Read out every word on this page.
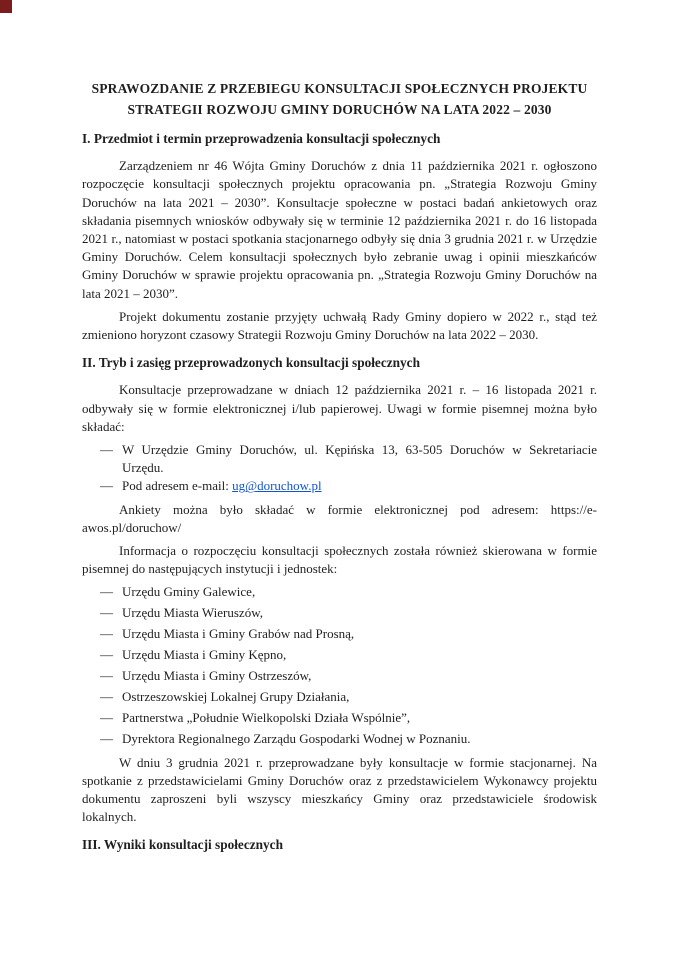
SPRAWOZDANIE Z PRZEBIEGU KONSULTACJI SPOŁECZNYCH PROJEKTU
STRATEGII ROZWOJU GMINY DORUCHÓW NA LATA 2022 – 2030
I. Przedmiot i termin przeprowadzenia konsultacji społecznych

Zarządzeniem nr 46 Wójta Gminy Doruchów z dnia 11 października 2021 r. ogłoszono rozpoczęcie konsultacji społecznych projektu opracowania pn. „Strategia Rozwoju Gminy Doruchów na lata 2021 – 2030”. Konsultacje społeczne w postaci badań ankietowych oraz składania pisemnych wniosków odbywały się w terminie 12 października 2021 r. do 16 listopada 2021 r., natomiast w postaci spotkania stacjonarnego odbyły się dnia 3 grudnia 2021 r. w Urzędzie Gminy Doruchów. Celem konsultacji społecznych było zebranie uwag i opinii mieszkańców Gminy Doruchów w sprawie projektu opracowania pn. „Strategia Rozwoju Gminy Doruchów na lata 2021 – 2030”.

Projekt dokumentu zostanie przyjęty uchwałą Rady Gminy dopiero w 2022 r., stąd też zmieniono horyzont czasowy Strategii Rozwoju Gminy Doruchów na lata 2022 – 2030.

II. Tryb i zasięg przeprowadzonych konsultacji społecznych

Konsultacje przeprowadzane w dniach 12 października 2021 r. – 16 listopada 2021 r. odbywały się w formie elektronicznej i/lub papierowej. Uwagi w formie pisemnej można było składać:

— W Urzędzie Gminy Doruchów, ul. Kępińska 13, 63-505 Doruchów w Sekretariacie Urzędu.
— Pod adresem e-mail: ug@doruchow.pl

Ankiety można było składać w formie elektronicznej pod adresem: https://e-awos.pl/doruchow/

Informacja o rozpoczęciu konsultacji społecznych została również skierowana w formie pisemnej do następujących instytucji i jednostek:

— Urzędu Gminy Galewice,
— Urzędu Miasta Wieruszów,
— Urzędu Miasta i Gminy Grabów nad Prosną,
— Urzędu Miasta i Gminy Kępno,
— Urzędu Miasta i Gminy Ostrzeszów,
— Ostrzeszowskiej Lokalnej Grupy Działania,
— Partnerstwa „Południe Wielkopolski Działa Wspólnie”,
— Dyrektora Regionalnego Zarządu Gospodarki Wodnej w Poznaniu.

W dniu 3 grudnia 2021 r. przeprowadzane były konsultacje w formie stacjonarnej. Na spotkanie z przedstawicielami Gminy Doruchów oraz z przedstawicielem Wykonawcy projektu dokumentu zaproszeni byli wszyscy mieszkańcy Gminy oraz przedstawiciele środowisk lokalnych.

III. Wyniki konsultacji społecznych
